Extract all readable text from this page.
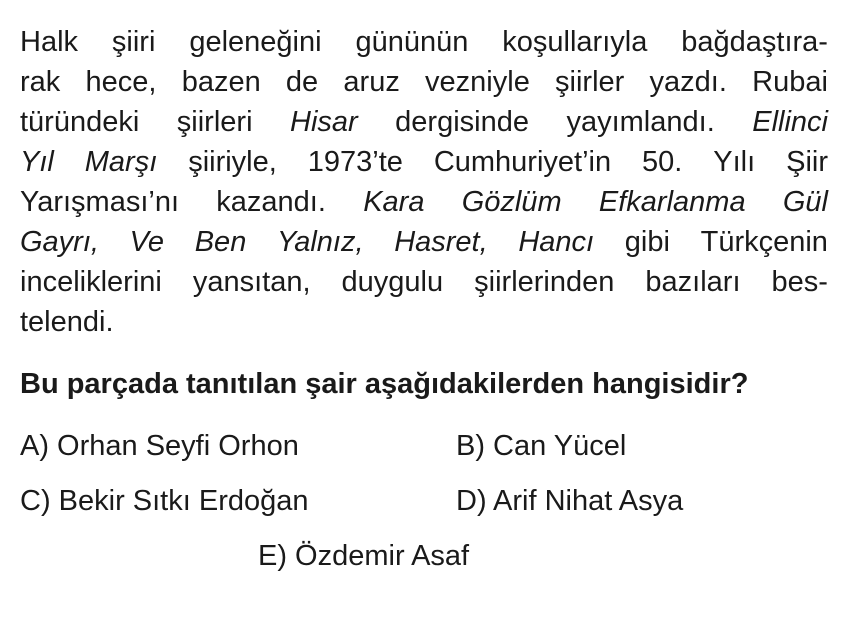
Halk şiiri geleneğini gününün koşullarıyla bağdaştıra-
rak hece, bazen de aruz vezniyle şiirler yazdı. Rubai
türündeki şiirleri Hisar dergisinde yayımlandı. Ellinci
Yıl Marşı şiiriyle, 1973’te Cumhuriyet’in 50. Yılı Şiir
Yarışması’nı kazandı. Kara Gözlüm Efkarlanma Gül
Gayrı, Ve Ben Yalnız, Hasret, Hancı gibi Türkçenin
inceliklerini yansıtan, duygulu şiirlerinden bazıları bes-
telendi.

Bu parçada tanıtılan şair aşağıdakilerden hangisidir?

A) Orhan Seyfi Orhon	B) Can Yücel
C) Bekir Sıtkı Erdoğan	D) Arif Nihat Asya
E) Özdemir Asaf
